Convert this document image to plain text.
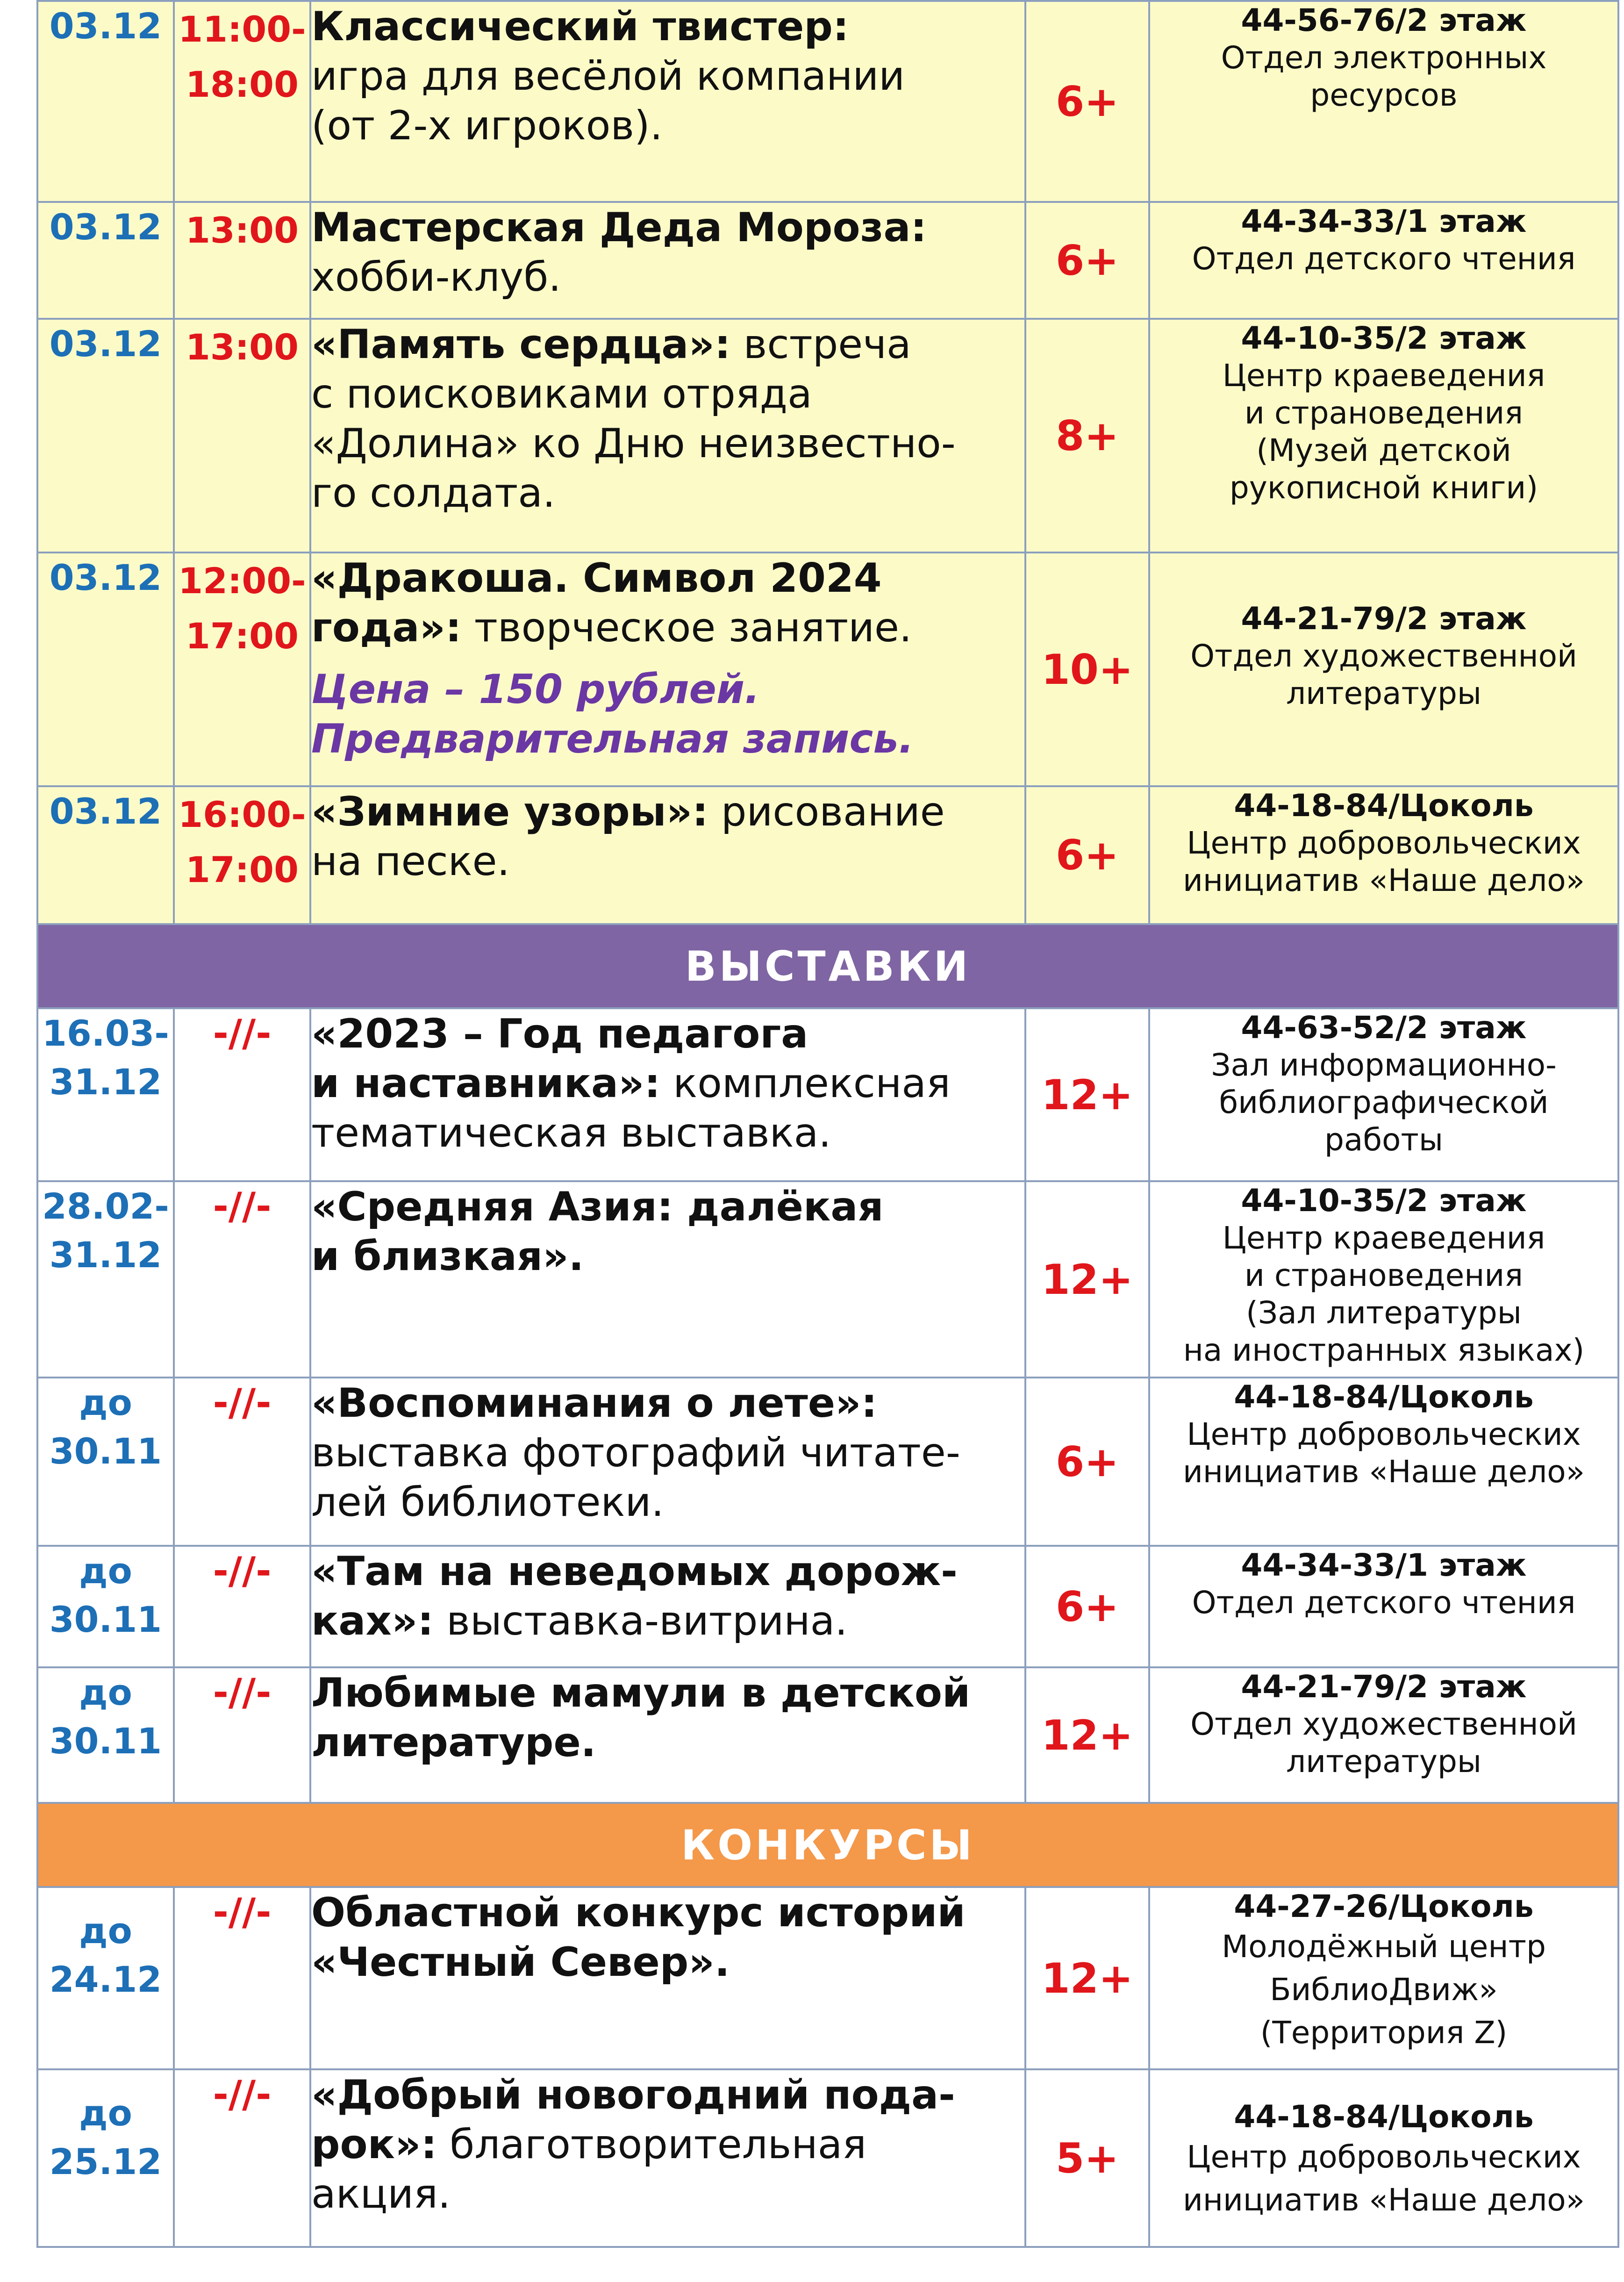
03.12	11:00-
18:00	Классический твистер:
игра для весёлой компании
(от 2-х игроков).	6+	44-56-76/2 этаж
Отдел электронных
ресурсов

03.12	13:00	Мастерская Деда Мороза:
хобби-клуб.	6+	44-34-33/1 этаж
Отдел детского чтения

03.12	13:00	«Память сердца»: встреча
с поисковиками отряда
«Долина» ко Дню неизвестно-
го солдата.	8+	44-10-35/2 этаж
Центр краеведения
и страноведения
(Музей детской
рукописной книги)

03.12	12:00-
17:00	«Дракоша. Символ 2024
года»: творческое занятие.
Цена – 150 рублей.
Предварительная запись.	10+	44-21-79/2 этаж
Отдел художественной
литературы

03.12	16:00-
17:00	«Зимние узоры»: рисование
на песке.	6+	44-18-84/Цоколь
Центр добровольческих
инициатив «Наше дело»

ВЫСТАВКИ				
16.03-
31.12	-//-	«2023 – Год педагога
и наставника»: комплексная
тематическая выставка.	12+	44-63-52/2 этаж
Зал информационно-
библиографической
работы

28.02-
31.12	-//-	«Средняя Азия: далёкая
и близкая».	12+	44-10-35/2 этаж
Центр краеведения
и страноведения
(Зал литературы
на иностранных языках)

до
30.11	-//-	«Воспоминания о лете»:
выставка фотографий читате-
лей библиотеки.	6+	44-18-84/Цоколь
Центр добровольческих
инициатив «Наше дело»

до
30.11	-//-	«Там на неведомых дорож-
ках»: выставка-витрина.	6+	44-34-33/1 этаж
Отдел детского чтения

до
30.11	-//-	Любимые мамули в детской
литературе.	12+	44-21-79/2 этаж
Отдел художественной
литературы

КОНКУРСЫ				
до
24.12	-//-	Областной конкурс историй
«Честный Север».	12+	44-27-26/Цоколь
Молодёжный центр
БиблиоДвиж»
(Территория Z)

до
25.12	-//-	«Добрый новогодний пода-
рок»: благотворительная
акция.	5+	44-18-84/Цоколь
Центр добровольческих
инициатив «Наше дело»
